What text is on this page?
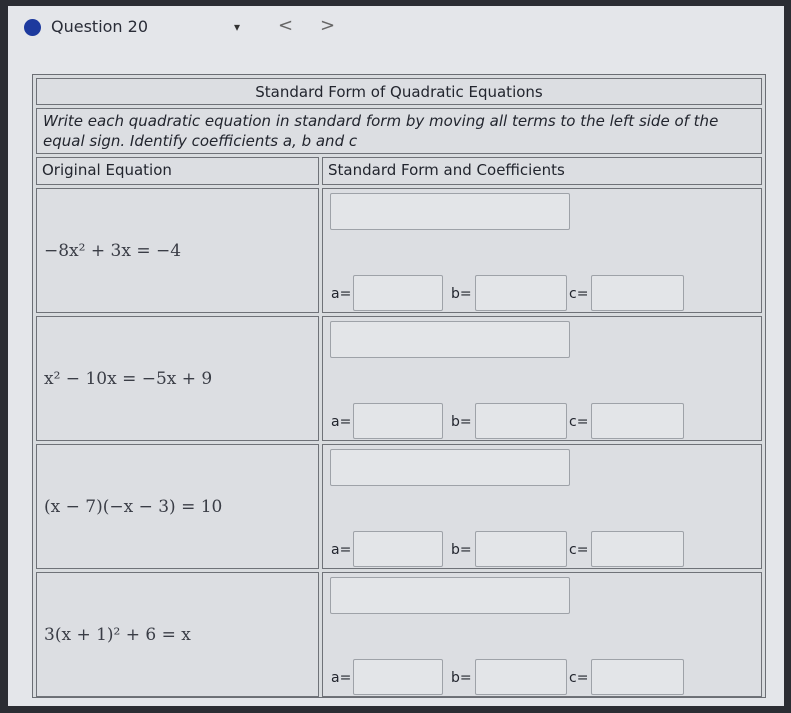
Question 20	▾ < >
Standard Form of Quadratic Equations
Write each quadratic equation in standard form by moving all terms to the left side of the equal sign. Identify coefficients a, b and c
Original Equation	Standard Form and Coefficients
−8x² + 3x = −4
a=	b=	c=
x² − 10x = −5x + 9
a=	b=	c=
(x − 7)(−x − 3) = 10
a=	b=	c=
3(x + 1)² + 6 = x
a=	b=	c=
